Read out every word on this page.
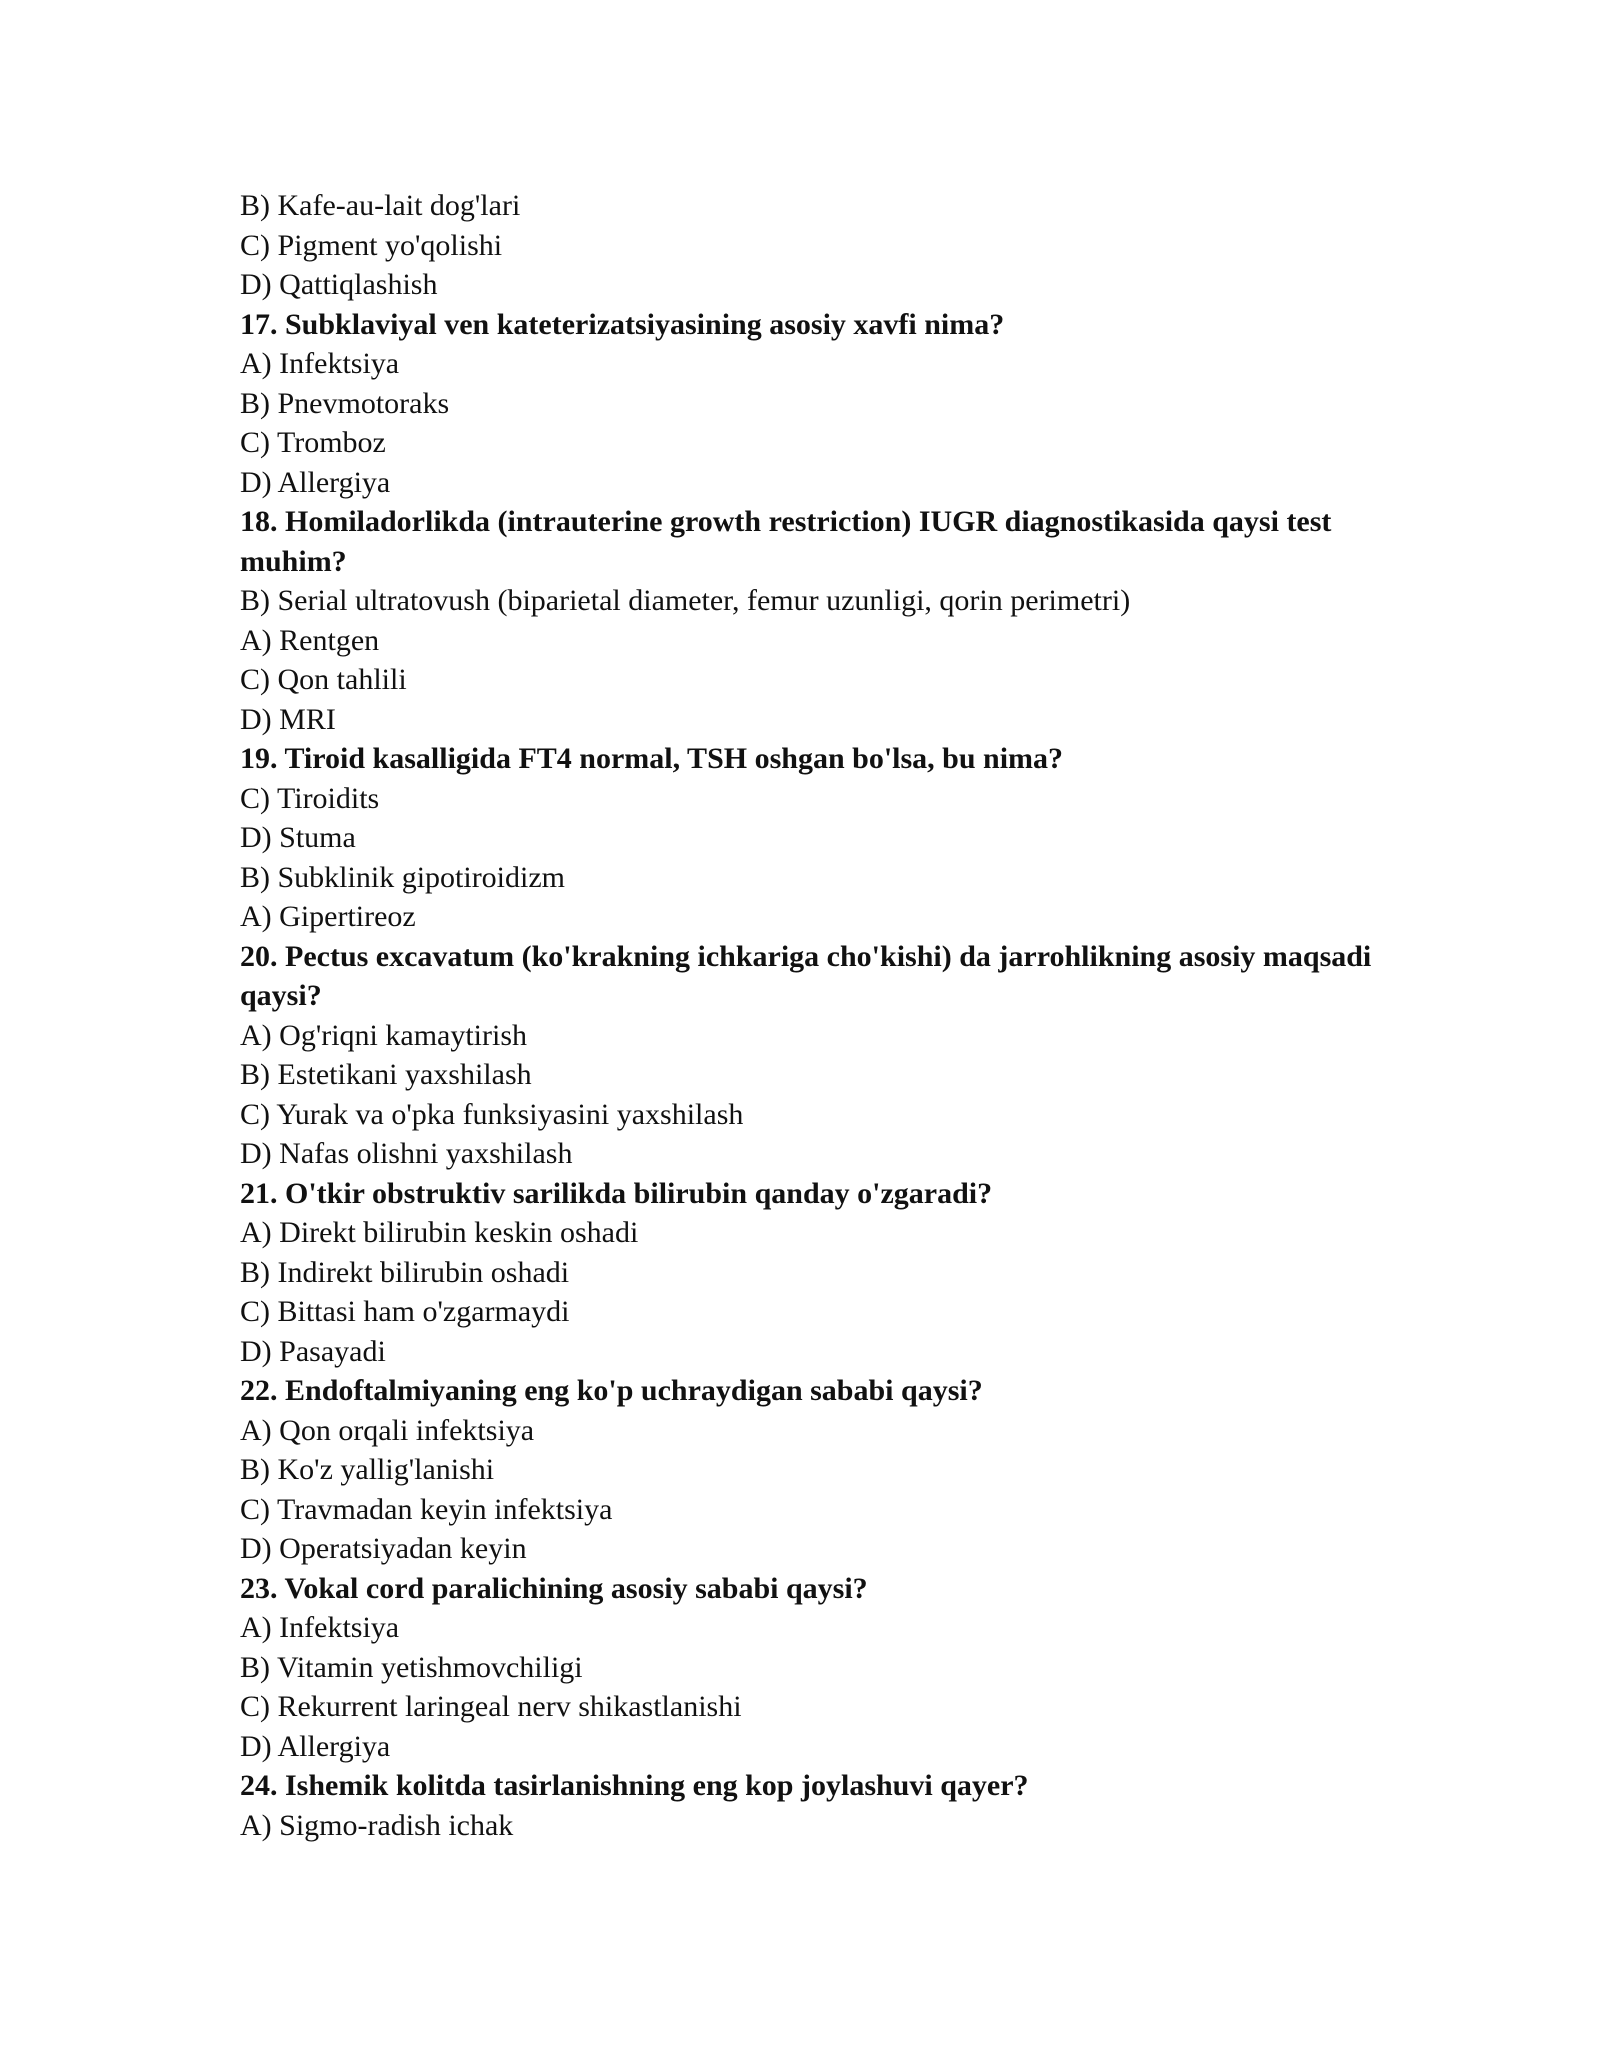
B) Kafe-au-lait dog'lari
C) Pigment yo'qolishi
D) Qattiqlashish
17. Subklaviyal ven kateterizatsiyasining asosiy xavfi nima?
A) Infektsiya
B) Pnevmotoraks
C) Tromboz
D) Allergiya
18. Homiladorlikda (intrauterine growth restriction) IUGR diagnostikasida qaysi test muhim?
B) Serial ultratovush (biparietal diameter, femur uzunligi, qorin perimetri)
A) Rentgen
C) Qon tahlili
D) MRI
19. Tiroid kasalligida FT4 normal, TSH oshgan bo'lsa, bu nima?
C) Tiroidits
D) Stuma
B) Subklinik gipotiroidizm
A) Gipertireoz
20. Pectus excavatum (ko'krakning ichkariga cho'kishi) da jarrohlikning asosiy maqsadi qaysi?
A) Og'riqni kamaytirish
B) Estetikani yaxshilash
C) Yurak va o'pka funksiyasini yaxshilash
D) Nafas olishni yaxshilash
21. O'tkir obstruktiv sarilikda bilirubin qanday o'zgaradi?
A) Direkt bilirubin keskin oshadi
B) Indirekt bilirubin oshadi
C) Bittasi ham o'zgarmaydi
D) Pasayadi
22. Endoftalmiyaning eng ko'p uchraydigan sababi qaysi?
A) Qon orqali infektsiya
B) Ko'z yallig'lanishi
C) Travmadan keyin infektsiya
D) Operatsiyadan keyin
23. Vokal cord paralichining asosiy sababi qaysi?
A) Infektsiya
B) Vitamin yetishmovchiligi
C) Rekurrent laringeal nerv shikastlanishi
D) Allergiya
24. Ishemik kolitda tasirlanishning eng kop joylashuvi qayer?
A) Sigmo-radish ichak
